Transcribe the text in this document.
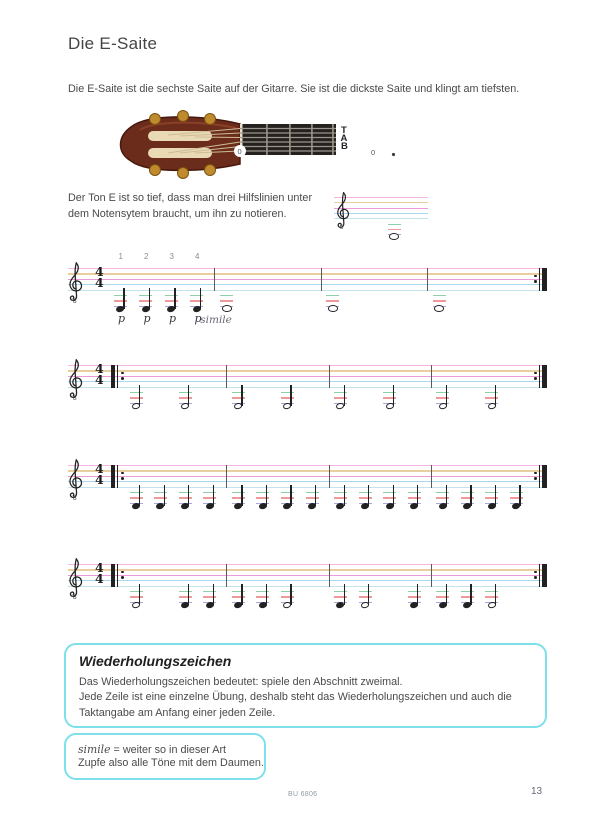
Die E-Saite
Die E-Saite ist die sechste Saite auf der Gitarre. Sie ist die dickste Saite und klingt am tiefsten.
0
T
A
B
0
Der Ton E ist so tief, dass man drei Hilfslinien unter dem Notensytem braucht, um ihn zu notieren.
8
8
4
4
1
p
2
p
3
p
4
p
simile
8
4
4
8
4
4
8
4
4
Wiederholungszeichen
Das Wiederholungszeichen bedeutet: spiele den Abschnitt zweimal.
Jede Zeile ist eine einzelne Übung, deshalb steht das Wiederholungszeichen und auch die Taktangabe am Anfang einer jeden Zeile.
simile = weiter so in dieser Art
Zupfe also alle Töne mit dem Daumen.
BU 6806	13
